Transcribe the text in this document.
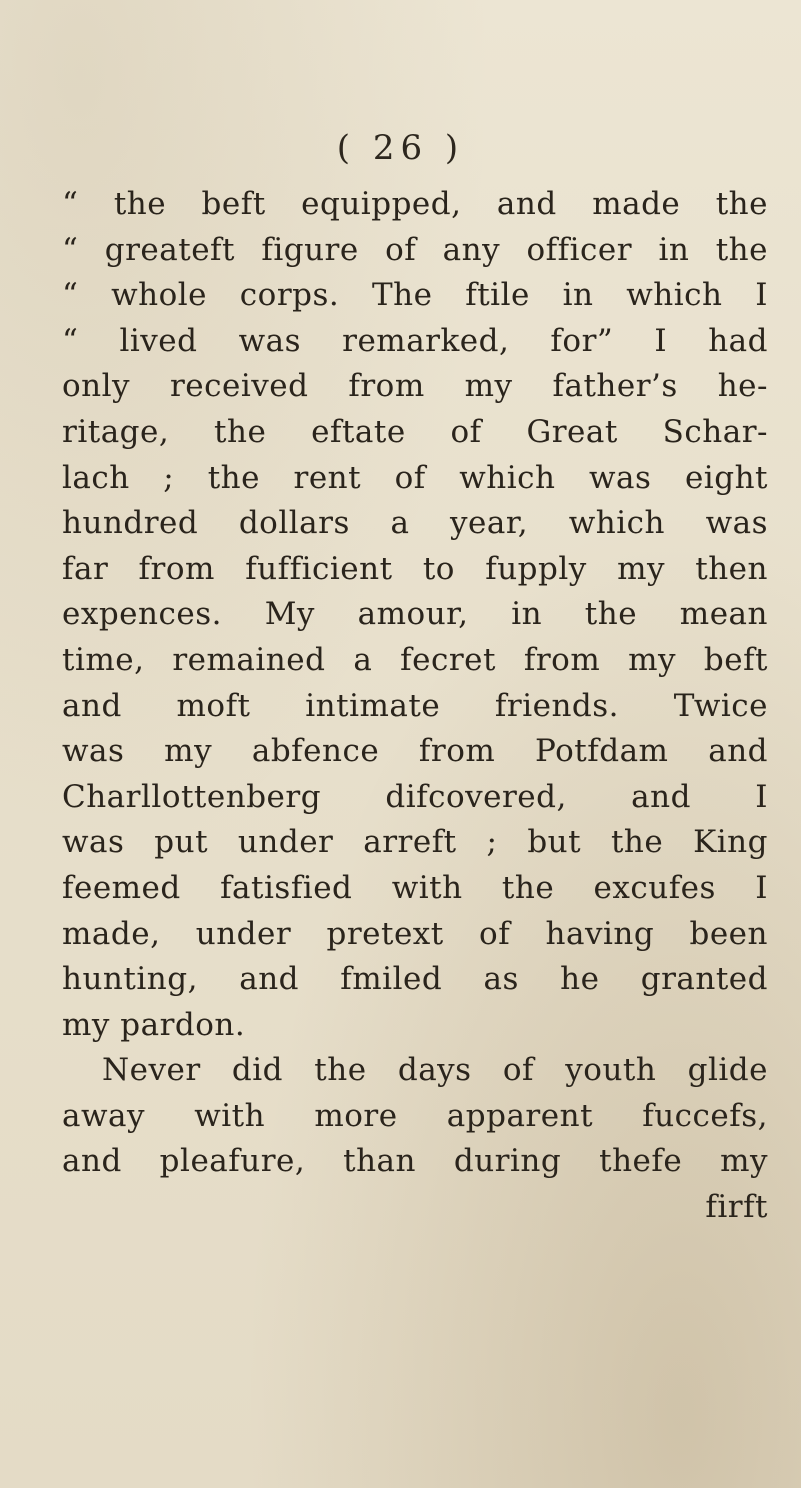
( 26 )
“ the beft equipped, and made the
“ greateft figure of any officer in the
“ whole corps. The ftile in which I
“ lived was remarked, for” I had
only received from my father’s he-
ritage, the eftate of Great Schar-
lach ; the rent of which was eight
hundred dollars a year, which was
far from fufficient to fupply my then
expences. My amour, in the mean
time, remained a fecret from my beft
and moft intimate friends. Twice
was my abfence from Potfdam and
Charllottenberg difcovered, and I
was put under arreft ; but the King
feemed fatisfied with the excufes I
made, under pretext of having been
hunting, and fmiled as he granted
my pardon.
Never did the days of youth glide
away with more apparent fuccefs,
and pleafure, than during thefe my
firft
